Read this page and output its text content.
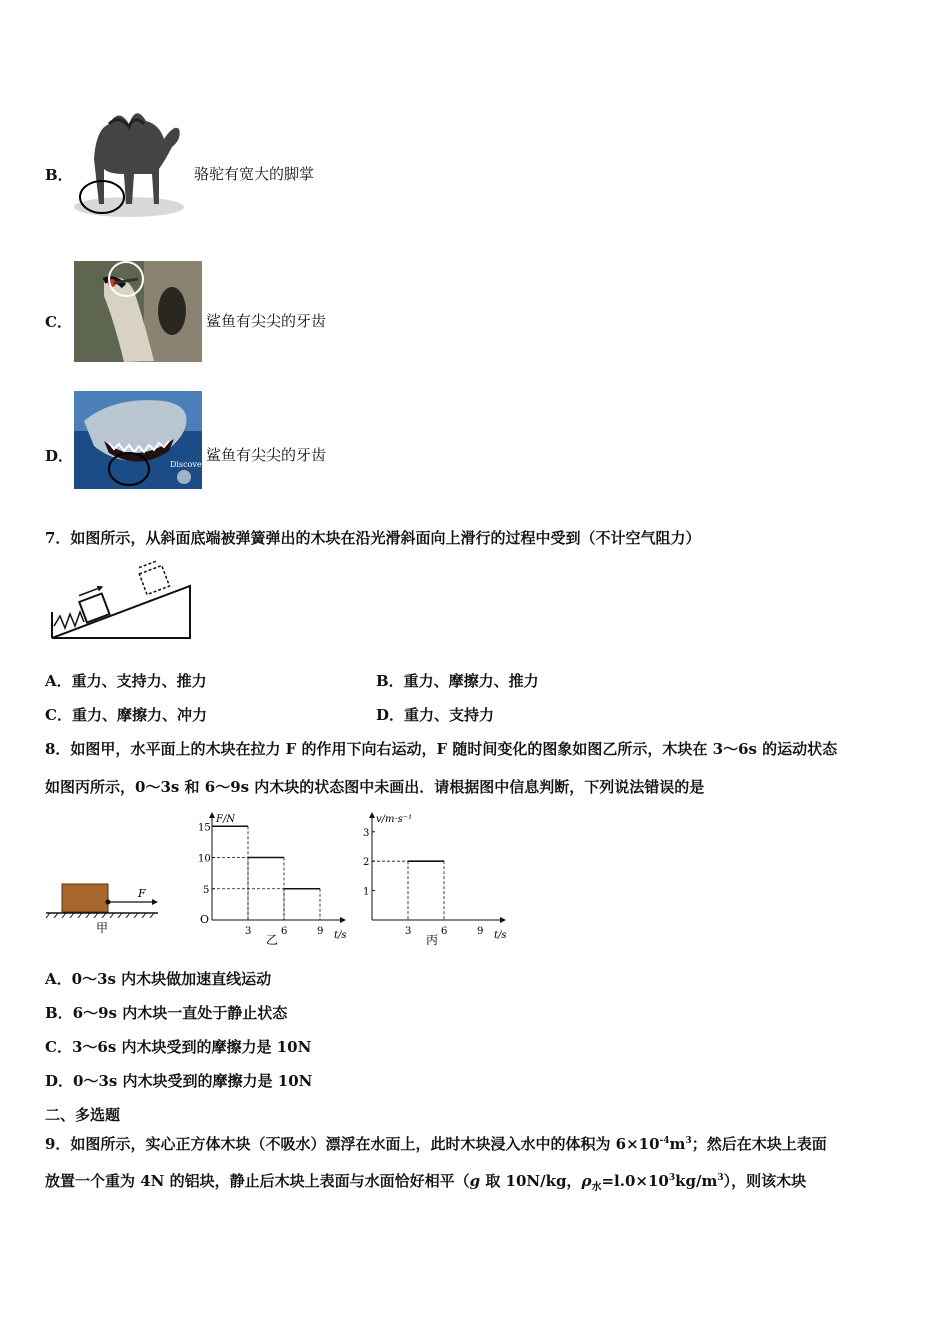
B．	骆驼有宽大的脚掌
C．	鲨鱼有尖尖的牙齿
D．	Discovery
鲨鱼有尖尖的牙齿
7．如图所示，从斜面底端被弹簧弹出的木块在沿光滑斜面向上滑行的过程中受到（不计空气阻力）
A．重力、支持力、推力	B．重力、摩擦力、推力
C．重力、摩擦力、冲力	D．重力、支持力
8．如图甲，水平面上的木块在拉力 F 的作用下向右运动，F 随时间变化的图象如图乙所示，木块在 3～6s 的运动状态
如图丙所示，0～3s 和 6～9s 内木块的状态图中未画出．请根据图中信息判断，下列说法错误的是
F
甲
O
F/N
t/s
3	6	9
5
10
15
乙
v/m·s⁻¹
t/s
3	6	9
1
2
3
丙
A．0～3s 内木块做加速直线运动
B．6～9s 内木块一直处于静止状态
C．3～6s 内木块受到的摩擦力是 10N
D．0～3s 内木块受到的摩擦力是 10N
二、多选题
9．如图所示，实心正方体木块（不吸水）漂浮在水面上，此时木块浸入水中的体积为 $6\times 10^{-4}m^3$；然后在木块上表面
放置一个重为 4N 的铝块，静止后木块上表面与水面恰好相平（g 取 10N/kg，$\rho_水=l.0\times 10^3kg/m^3$），则该木块
